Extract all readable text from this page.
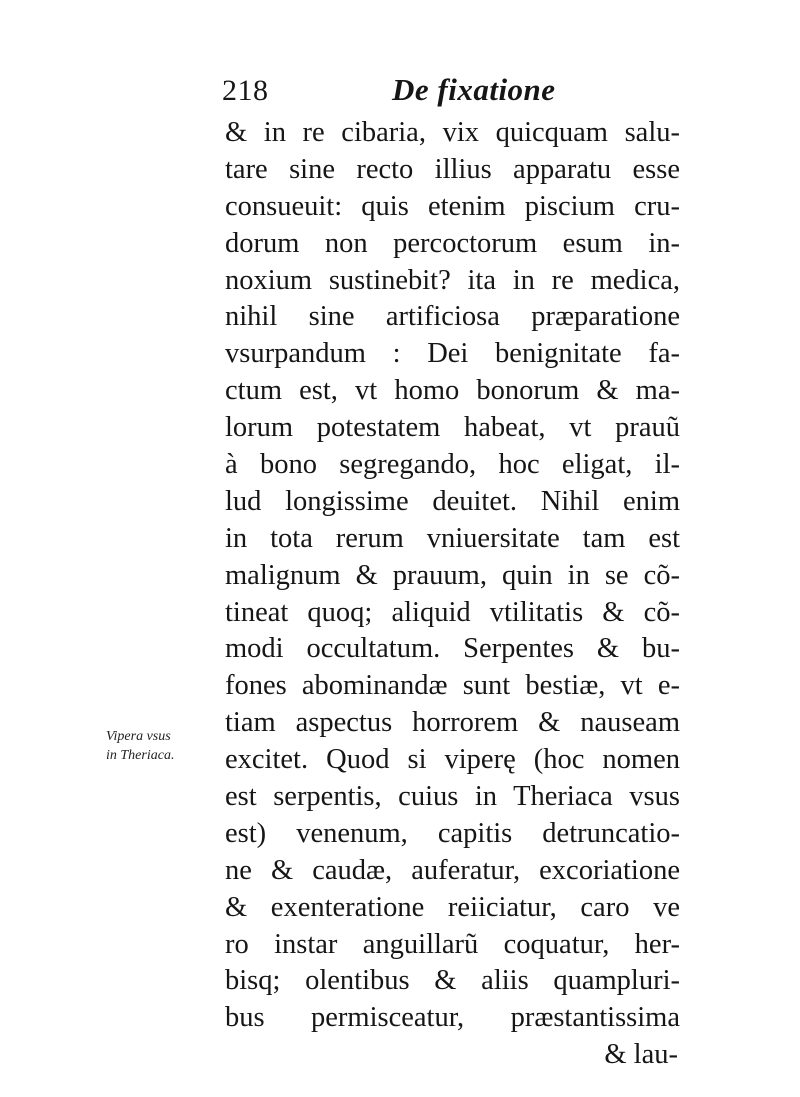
218	De fixatione
Vipera vsus
in Theriaca.
& in re cibaria, vix quicquam salu-
tare sine recto illius apparatu esse
consueuit: quis etenim piscium cru-
dorum non percoctorum esum in-
noxium sustinebit? ita in re medica,
nihil sine artificiosa præparatione
vsurpandum : Dei benignitate fa-
ctum est, vt homo bonorum & ma-
lorum potestatem habeat, vt prauũ
à bono segregando, hoc eligat, il-
lud longissime deuitet. Nihil enim
in tota rerum vniuersitate tam est
malignum & prauum, quin in se cõ-
tineat quoq; aliquid vtilitatis & cõ-
modi occultatum. Serpentes & bu-
fones abominandæ sunt bestiæ, vt e-
tiam aspectus horrorem & nauseam
excitet. Quod si viperę (hoc nomen
est serpentis, cuius in Theriaca vsus
est) venenum, capitis detruncatio-
ne & caudæ, auferatur, excoriatione
& exenteratione reiiciatur, caro ve
ro instar anguillarũ coquatur, her-
bisq; olentibus & aliis quampluri-
bus permisceatur, præstantissima
& lau-
